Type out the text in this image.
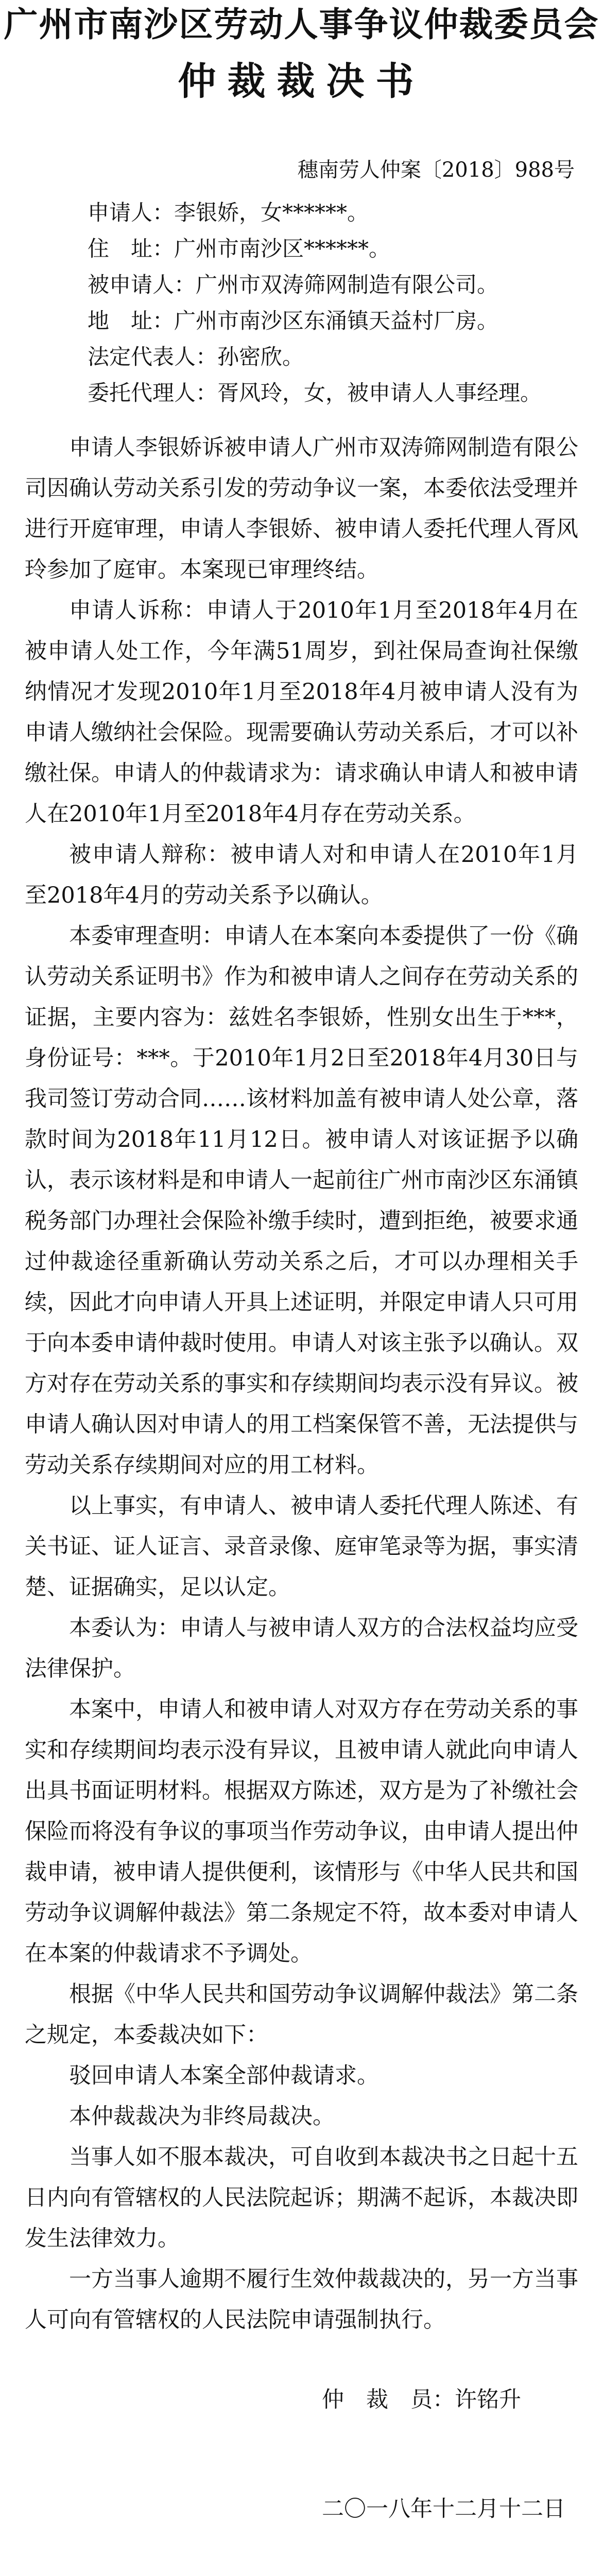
广州市南沙区劳动人事争议仲裁委员会
仲裁裁决书
穗南劳人仲案〔2018〕988号
申请人：李银娇，女******。
住　址：广州市南沙区******。
被申请人：广州市双涛筛网制造有限公司。
地　址：广州市南沙区东涌镇天益村厂房。
法定代表人：孙密欣。
委托代理人：胥风玲，女，被申请人人事经理。

申请人李银娇诉被申请人广州市双涛筛网制造有限公司因确认劳动关系引发的劳动争议一案，本委依法受理并进行开庭审理，申请人李银娇、被申请人委托代理人胥风玲参加了庭审。本案现已审理终结。

申请人诉称：申请人于2010年1月至2018年4月在被申请人处工作，今年满51周岁，到社保局查询社保缴纳情况才发现2010年1月至2018年4月被申请人没有为申请人缴纳社会保险。现需要确认劳动关系后，才可以补缴社保。申请人的仲裁请求为：请求确认申请人和被申请人在2010年1月至2018年4月存在劳动关系。

被申请人辩称：被申请人对和申请人在2010年1月至2018年4月的劳动关系予以确认。

本委审理查明：申请人在本案向本委提供了一份《确认劳动关系证明书》作为和被申请人之间存在劳动关系的证据，主要内容为：兹姓名李银娇，性别女出生于***，身份证号：***。于2010年1月2日至2018年4月30日与我司签订劳动合同……该材料加盖有被申请人处公章，落款时间为2018年11月12日。被申请人对该证据予以确认，表示该材料是和申请人一起前往广州市南沙区东涌镇税务部门办理社会保险补缴手续时，遭到拒绝，被要求通过仲裁途径重新确认劳动关系之后，才可以办理相关手续，因此才向申请人开具上述证明，并限定申请人只可用于向本委申请仲裁时使用。申请人对该主张予以确认。双方对存在劳动关系的事实和存续期间均表示没有异议。被申请人确认因对申请人的用工档案保管不善，无法提供与劳动关系存续期间对应的用工材料。

以上事实，有申请人、被申请人委托代理人陈述、有关书证、证人证言、录音录像、庭审笔录等为据，事实清楚、证据确实，足以认定。

本委认为：申请人与被申请人双方的合法权益均应受法律保护。

本案中，申请人和被申请人对双方存在劳动关系的事实和存续期间均表示没有异议，且被申请人就此向申请人出具书面证明材料。根据双方陈述，双方是为了补缴社会保险而将没有争议的事项当作劳动争议，由申请人提出仲裁申请，被申请人提供便利，该情形与《中华人民共和国劳动争议调解仲裁法》第二条规定不符，故本委对申请人在本案的仲裁请求不予调处。

根据《中华人民共和国劳动争议调解仲裁法》第二条之规定，本委裁决如下：

驳回申请人本案全部仲裁请求。

本仲裁裁决为非终局裁决。

当事人如不服本裁决，可自收到本裁决书之日起十五日内向有管辖权的人民法院起诉；期满不起诉，本裁决即发生法律效力。

一方当事人逾期不履行生效仲裁裁决的，另一方当事人可向有管辖权的人民法院申请强制执行。

仲　裁　员：许铭升
二〇一八年十二月十二日
